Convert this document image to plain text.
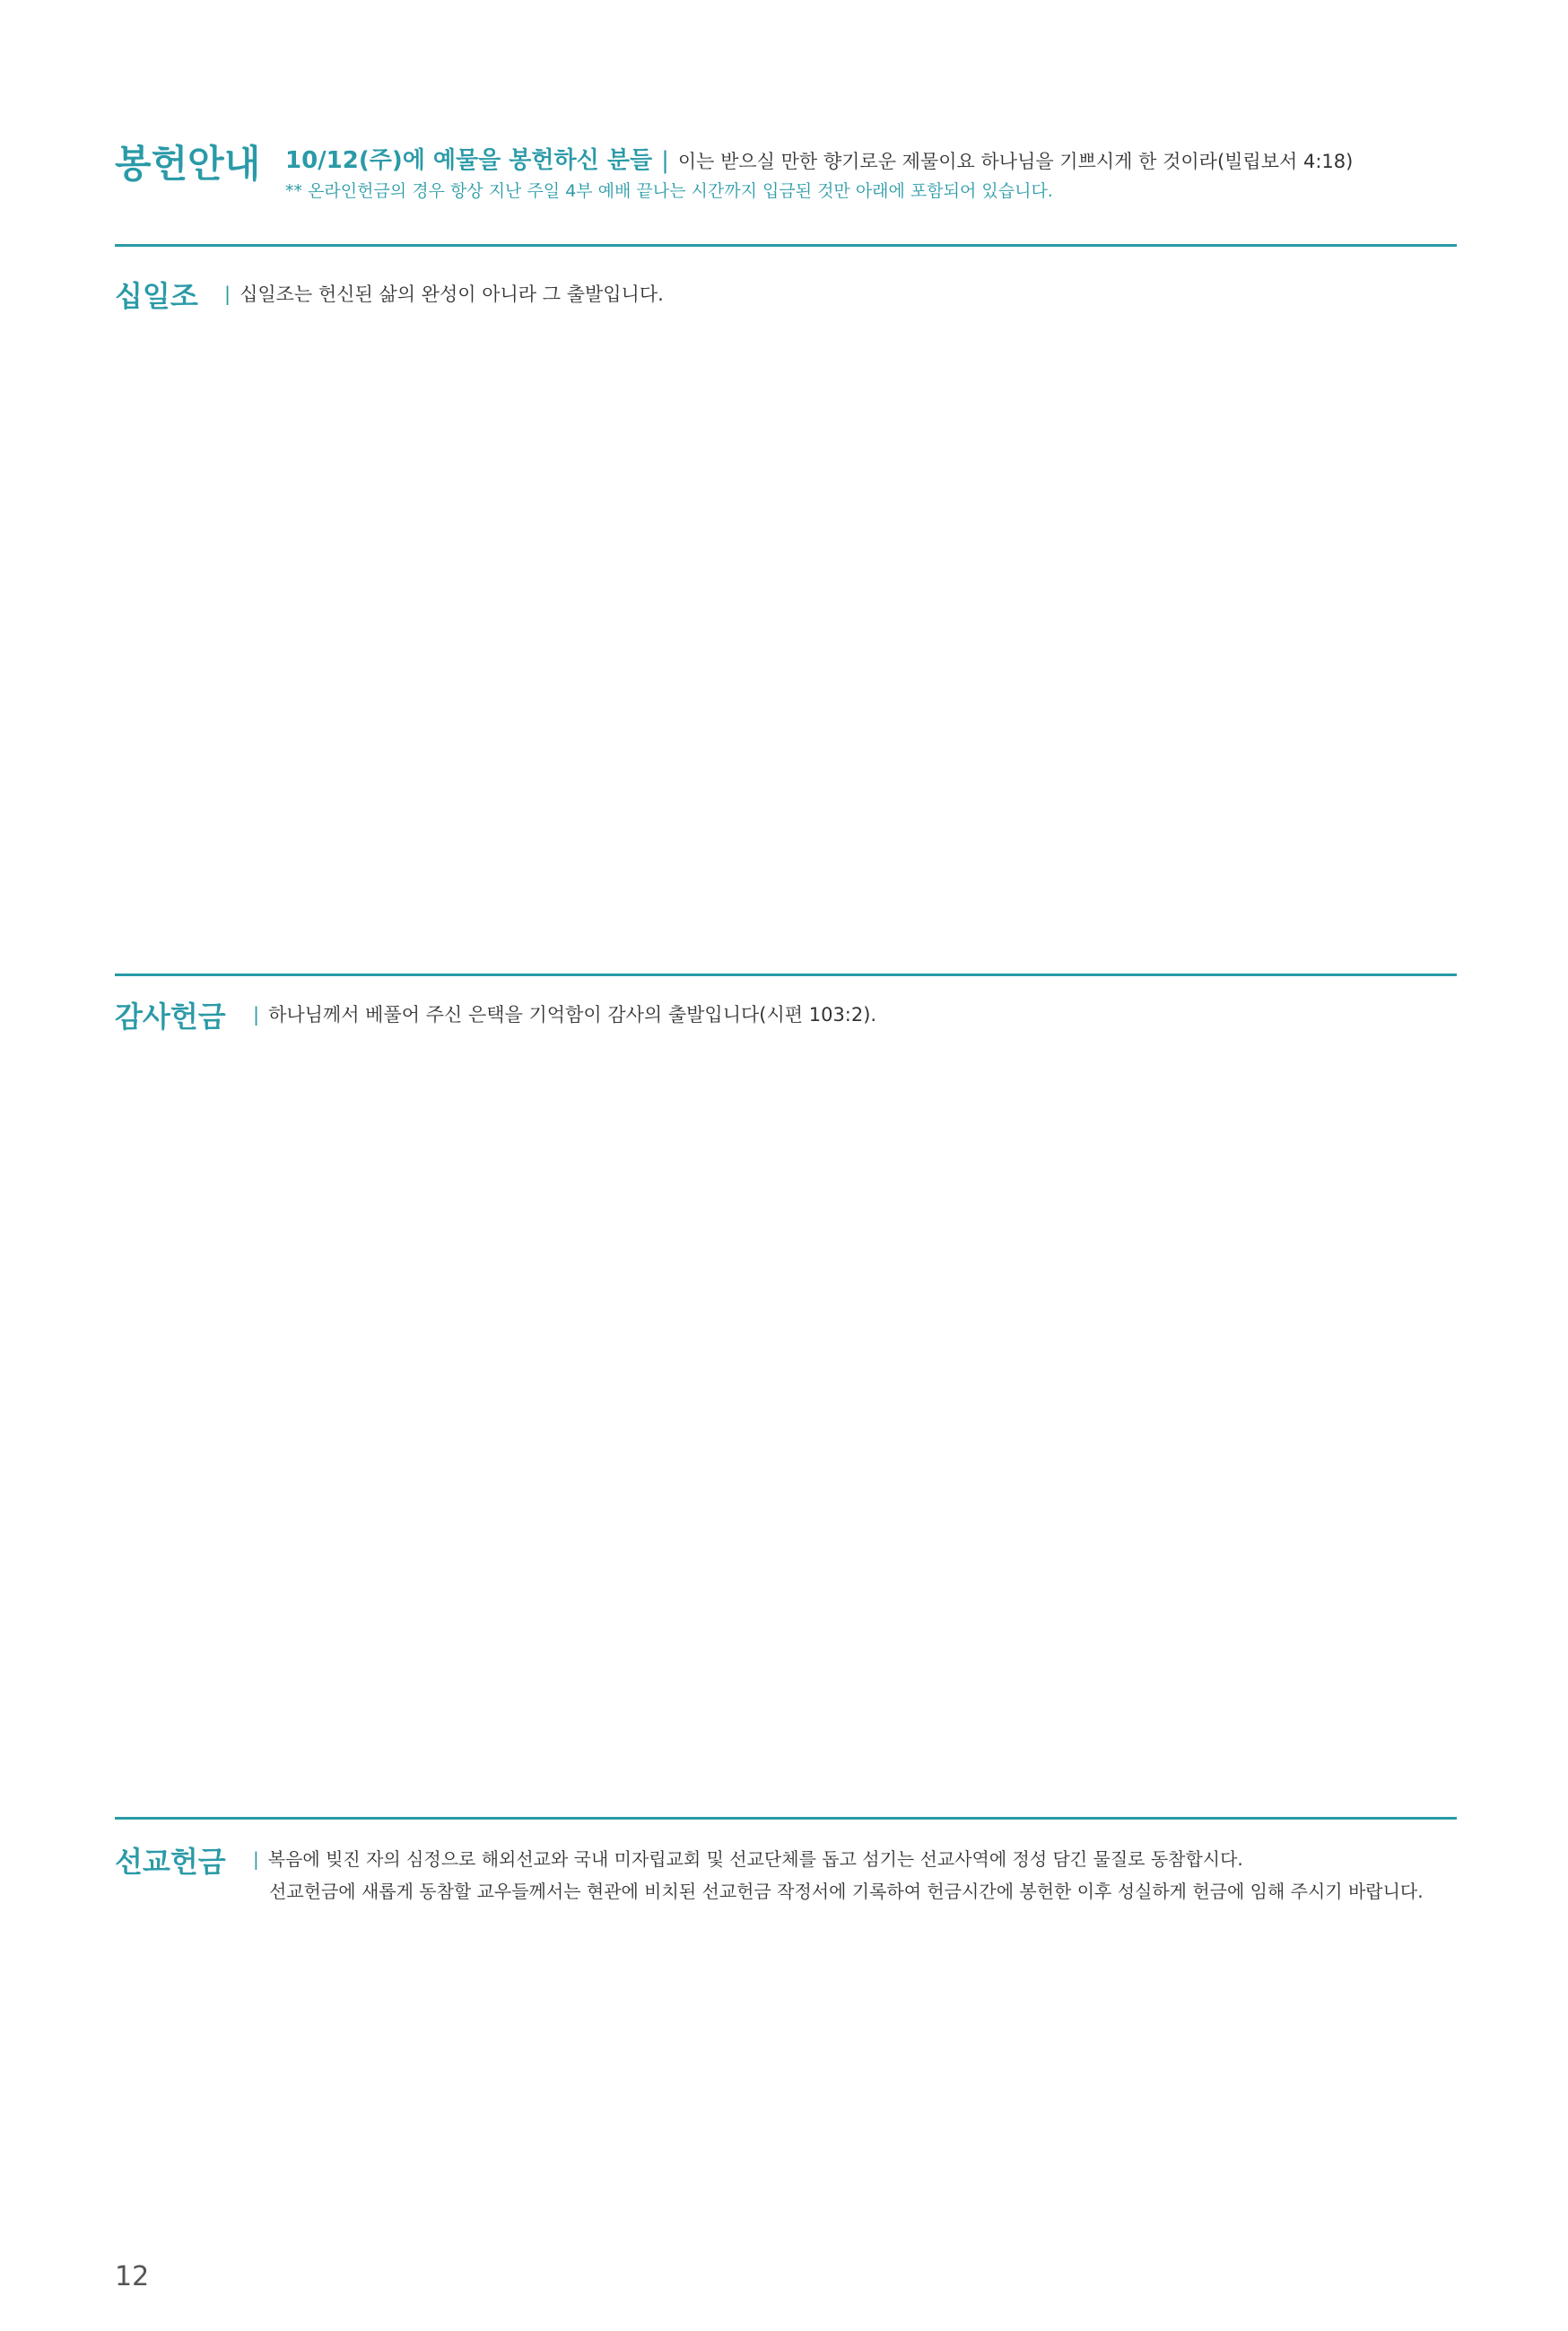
봉헌안내 10/12(주)에 예물을 봉헌하신 분들 | 이는 받으실 만한 향기로운 제물이요 하나님을 기쁘시게 한 것이라(빌립보서 4:18)
** 온라인헌금의 경우 항상 지난 주일 4부 예배 끝나는 시간까지 입금된 것만 아래에 포함되어 있습니다.
십일조	| 십일조는 헌신된 삶의 완성이 아니라 그 출발입니다.
감사헌금	| 하나님께서 베풀어 주신 은택을 기억함이 감사의 출발입니다(시편 103:2).
선교헌금	| 복음에 빚진 자의 심정으로 해외선교와 국내 미자립교회 및 선교단체를 돕고 섬기는 선교사역에 정성 담긴 물질로 동참합시다.
선교헌금에 새롭게 동참할 교우들께서는 현관에 비치된 선교헌금 작정서에 기록하여 헌금시간에 봉헌한 이후 성실하게 헌금에 임해 주시기 바랍니다.
12
